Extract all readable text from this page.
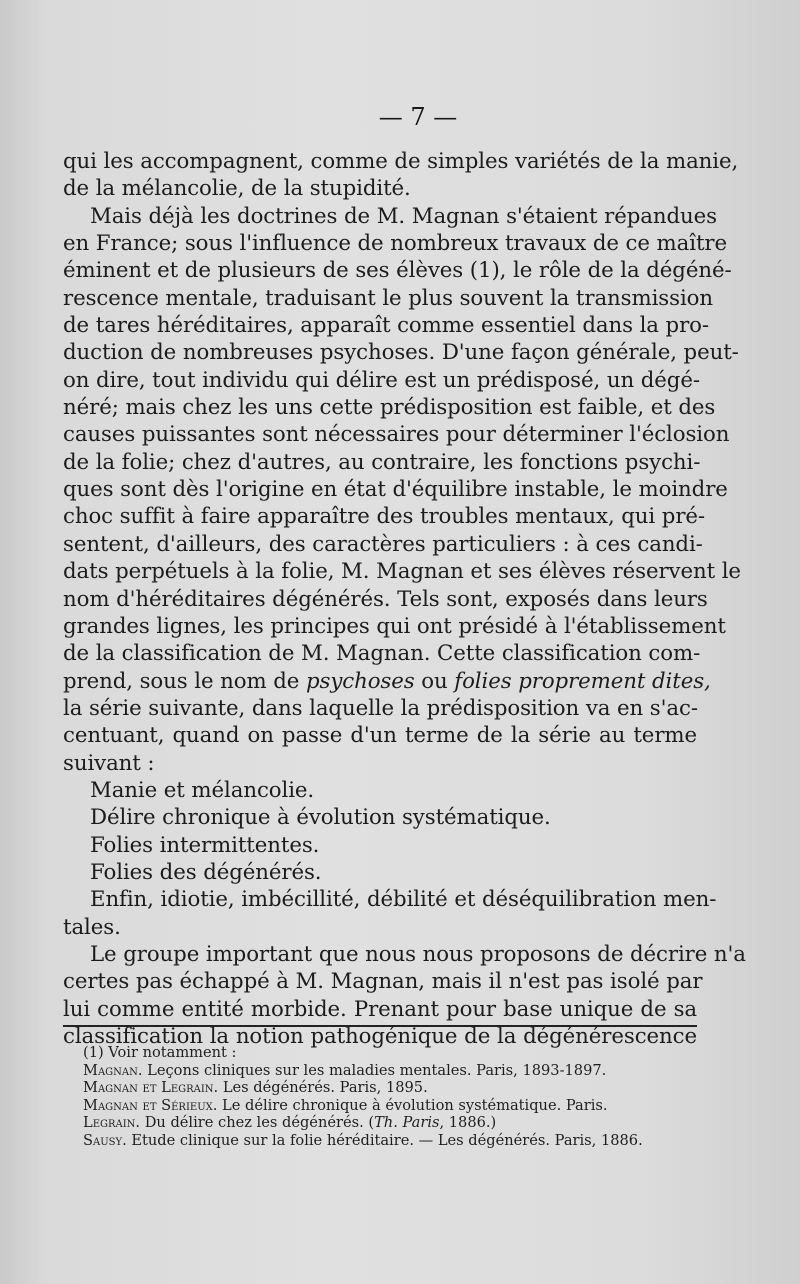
— 7 —
qui les accompagnent, comme de simples variétés de la manie,
de la mélancolie, de la stupidité.
Mais déjà les doctrines de M. Magnan s'étaient répandues
en France; sous l'influence de nombreux travaux de ce maître
éminent et de plusieurs de ses élèves (1), le rôle de la dégéné-
rescence mentale, traduisant le plus souvent la transmission
de tares héréditaires, apparaît comme essentiel dans la pro-
duction de nombreuses psychoses. D'une façon générale, peut-
on dire, tout individu qui délire est un prédisposé, un dégé-
néré; mais chez les uns cette prédisposition est faible, et des
causes puissantes sont nécessaires pour déterminer l'éclosion
de la folie; chez d'autres, au contraire, les fonctions psychi-
ques sont dès l'origine en état d'équilibre instable, le moindre
choc suffit à faire apparaître des troubles mentaux, qui pré-
sentent, d'ailleurs, des caractères particuliers : à ces candi-
dats perpétuels à la folie, M. Magnan et ses élèves réservent le
nom d'héréditaires dégénérés. Tels sont, exposés dans leurs
grandes lignes, les principes qui ont présidé à l'établissement
de la classification de M. Magnan. Cette classification com-
prend, sous le nom de psychoses ou folies proprement dites,
la série suivante, dans laquelle la prédisposition va en s'ac-
centuant, quand on passe d'un terme de la série au terme
suivant :
Manie et mélancolie.
Délire chronique à évolution systématique.
Folies intermittentes.
Folies des dégénérés.
Enfin, idiotie, imbécillité, débilité et déséquilibration men-
tales.
Le groupe important que nous nous proposons de décrire n'a
certes pas échappé à M. Magnan, mais il n'est pas isolé par
lui comme entité morbide. Prenant pour base unique de sa
classification la notion pathogénique de la dégénérescence
(1) Voir notamment :
Magnan. Leçons cliniques sur les maladies mentales. Paris, 1893-1897.
Magnan et Legrain. Les dégénérés. Paris, 1895.
Magnan et Sérieux. Le délire chronique à évolution systématique. Paris.
Legrain. Du délire chez les dégénérés. (Th. Paris, 1886.)
Sausy. Etude clinique sur la folie héréditaire. — Les dégénérés. Paris, 1886.
